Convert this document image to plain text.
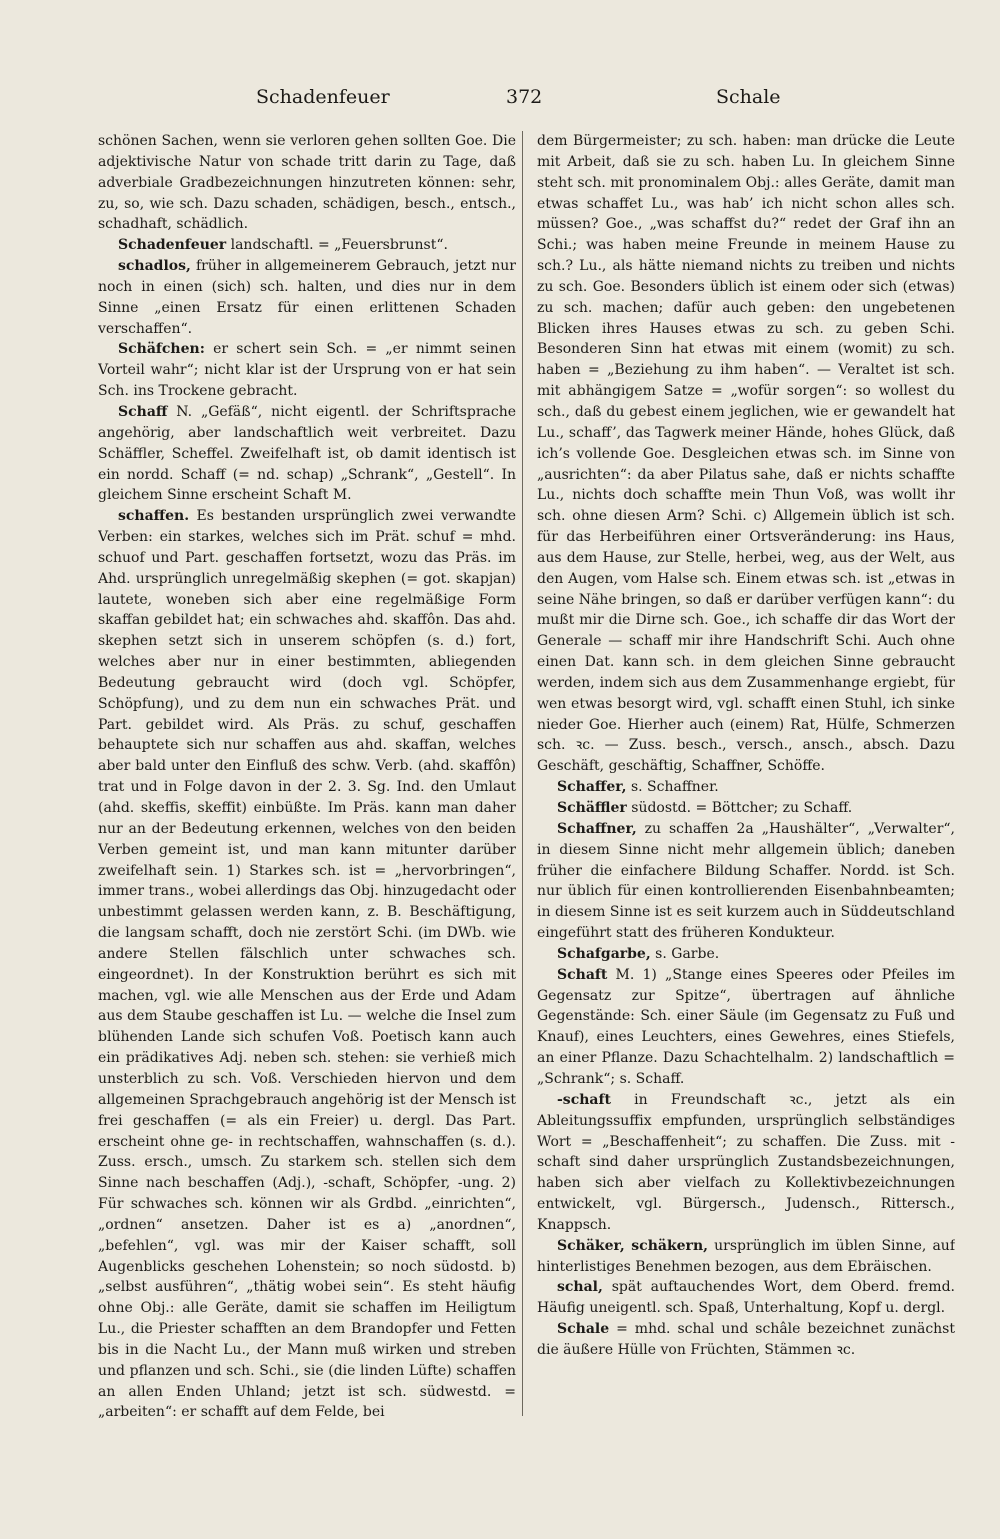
Schadenfeuer	372	Schale

schönen Sachen, wenn sie verloren gehen sollten Goe. Die adjektivische Natur von schade tritt darin zu Tage, daß adverbiale Gradbezeichnungen hinzutreten können: sehr, zu, so, wie sch. Dazu schaden, schädigen, besch., entsch., schadhaft, schädlich.

Schadenfeuer landschaftl. = „Feuersbrunst“.

schadlos, früher in allgemeinerem Gebrauch, jetzt nur noch in einen (sich) sch. halten, und dies nur in dem Sinne „einen Ersatz für einen erlittenen Schaden verschaffen“.

Schäfchen: er schert sein Sch. = „er nimmt seinen Vorteil wahr“; nicht klar ist der Ursprung von er hat sein Sch. ins Trockene gebracht.

Schaff N. „Gefäß“, nicht eigentl. der Schriftsprache angehörig, aber landschaftlich weit verbreitet. Dazu Schäffler, Scheffel. Zweifelhaft ist, ob damit identisch ist ein nordd. Schaff (= nd. schap) „Schrank“, „Gestell“. In gleichem Sinne erscheint Schaft M.

schaffen. Es bestanden ursprünglich zwei verwandte Verben: ein starkes, welches sich im Prät. schuf = mhd. schuof und Part. geschaffen fortsetzt, wozu das Präs. im Ahd. ursprünglich unregelmäßig skephen (= got. skapjan) lautete, woneben sich aber eine regelmäßige Form skaffan gebildet hat; ein schwaches ahd. skaffôn. Das ahd. skephen setzt sich in unserem schöpfen (s. d.) fort, welches aber nur in einer bestimmten, abliegenden Bedeutung gebraucht wird (doch vgl. Schöpfer, Schöpfung), und zu dem nun ein schwaches Prät. und Part. gebildet wird. Als Präs. zu schuf, geschaffen behauptete sich nur schaffen aus ahd. skaffan, welches aber bald unter den Einfluß des schw. Verb. (ahd. skaffôn) trat und in Folge davon in der 2. 3. Sg. Ind. den Umlaut (ahd. skeffis, skeffit) einbüßte. Im Präs. kann man daher nur an der Bedeutung erkennen, welches von den beiden Verben gemeint ist, und man kann mitunter darüber zweifelhaft sein. 1) Starkes sch. ist = „hervorbringen“, immer trans., wobei allerdings das Obj. hinzugedacht oder unbestimmt gelassen werden kann, z. B. Beschäftigung, die langsam schafft, doch nie zerstört Schi. (im DWb. wie andere Stellen fälschlich unter schwaches sch. eingeordnet). In der Konstruktion berührt es sich mit machen, vgl. wie alle Menschen aus der Erde und Adam aus dem Staube geschaffen ist Lu. — welche die Insel zum blühenden Lande sich schufen Voß. Poetisch kann auch ein prädikatives Adj. neben sch. stehen: sie verhieß mich unsterblich zu sch. Voß. Verschieden hiervon und dem allgemeinen Sprachgebrauch angehörig ist der Mensch ist frei geschaffen (= als ein Freier) u. dergl. Das Part. erscheint ohne ge- in rechtschaffen, wahnschaffen (s. d.). Zuss. ersch., umsch. Zu starkem sch. stellen sich dem Sinne nach beschaffen (Adj.), -schaft, Schöpfer, -ung. 2) Für schwaches sch. können wir als Grdbd. „einrichten“, „ordnen“ ansetzen. Daher ist es a) „anordnen“, „befehlen“, vgl. was mir der Kaiser schafft, soll Augenblicks geschehen Lohenstein; so noch südostd. b) „selbst ausführen“, „thätig wobei sein“. Es steht häufig ohne Obj.: alle Geräte, damit sie schaffen im Heiligtum Lu., die Priester schafften an dem Brandopfer und Fetten bis in die Nacht Lu., der Mann muß wirken und streben und pflanzen und sch. Schi., sie (die linden Lüfte) schaffen an allen Enden Uhland; jetzt ist sch. südwestd. = „arbeiten“: er schafft auf dem Felde, bei

dem Bürgermeister; zu sch. haben: man drücke die Leute mit Arbeit, daß sie zu sch. haben Lu. In gleichem Sinne steht sch. mit pronominalem Obj.: alles Geräte, damit man etwas schaffet Lu., was hab’ ich nicht schon alles sch. müssen? Goe., „was schaffst du?“ redet der Graf ihn an Schi.; was haben meine Freunde in meinem Hause zu sch.? Lu., als hätte niemand nichts zu treiben und nichts zu sch. Goe. Besonders üblich ist einem oder sich (etwas) zu sch. machen; dafür auch geben: den ungebetenen Blicken ihres Hauses etwas zu sch. zu geben Schi. Besonderen Sinn hat etwas mit einem (womit) zu sch. haben = „Beziehung zu ihm haben“. — Veraltet ist sch. mit abhängigem Satze = „wofür sorgen“: so wollest du sch., daß du gebest einem jeglichen, wie er gewandelt hat Lu., schaff’, das Tagwerk meiner Hände, hohes Glück, daß ich’s vollende Goe. Desgleichen etwas sch. im Sinne von „ausrichten“: da aber Pilatus sahe, daß er nichts schaffte Lu., nichts doch schaffte mein Thun Voß, was wollt ihr sch. ohne diesen Arm? Schi. c) Allgemein üblich ist sch. für das Herbeiführen einer Ortsveränderung: ins Haus, aus dem Hause, zur Stelle, herbei, weg, aus der Welt, aus den Augen, vom Halse sch. Einem etwas sch. ist „etwas in seine Nähe bringen, so daß er darüber verfügen kann“: du mußt mir die Dirne sch. Goe., ich schaffe dir das Wort der Generale — schaff mir ihre Handschrift Schi. Auch ohne einen Dat. kann sch. in dem gleichen Sinne gebraucht werden, indem sich aus dem Zusammenhange ergiebt, für wen etwas besorgt wird, vgl. schafft einen Stuhl, ich sinke nieder Goe. Hierher auch (einem) Rat, Hülfe, Schmerzen sch. ꝛc. — Zuss. besch., versch., ansch., absch. Dazu Geschäft, geschäftig, Schaffner, Schöffe.

Schaffer, s. Schaffner.

Schäffler südostd. = Böttcher; zu Schaff.

Schaffner, zu schaffen 2a „Haushälter“, „Verwalter“, in diesem Sinne nicht mehr allgemein üblich; daneben früher die einfachere Bildung Schaffer. Nordd. ist Sch. nur üblich für einen kontrollierenden Eisenbahnbeamten; in diesem Sinne ist es seit kurzem auch in Süddeutschland eingeführt statt des früheren Kondukteur.

Schafgarbe, s. Garbe.

Schaft M. 1) „Stange eines Speeres oder Pfeiles im Gegensatz zur Spitze“, übertragen auf ähnliche Gegenstände: Sch. einer Säule (im Gegensatz zu Fuß und Knauf), eines Leuchters, eines Gewehres, eines Stiefels, an einer Pflanze. Dazu Schachtelhalm. 2) landschaftlich = „Schrank“; s. Schaff.

-schaft in Freundschaft ꝛc., jetzt als ein Ableitungssuffix empfunden, ursprünglich selbständiges Wort = „Beschaffenheit“; zu schaffen. Die Zuss. mit -schaft sind daher ursprünglich Zustandsbezeichnungen, haben sich aber vielfach zu Kollektivbezeichnungen entwickelt, vgl. Bürgersch., Judensch., Rittersch., Knappsch.

Schäker, schäkern, ursprünglich im üblen Sinne, auf hinterlistiges Benehmen bezogen, aus dem Ebräischen.

schal, spät auftauchendes Wort, dem Oberd. fremd. Häufig uneigentl. sch. Spaß, Unterhaltung, Kopf u. dergl.

Schale = mhd. schal und schâle bezeichnet zunächst die äußere Hülle von Früchten, Stämmen ꝛc.
